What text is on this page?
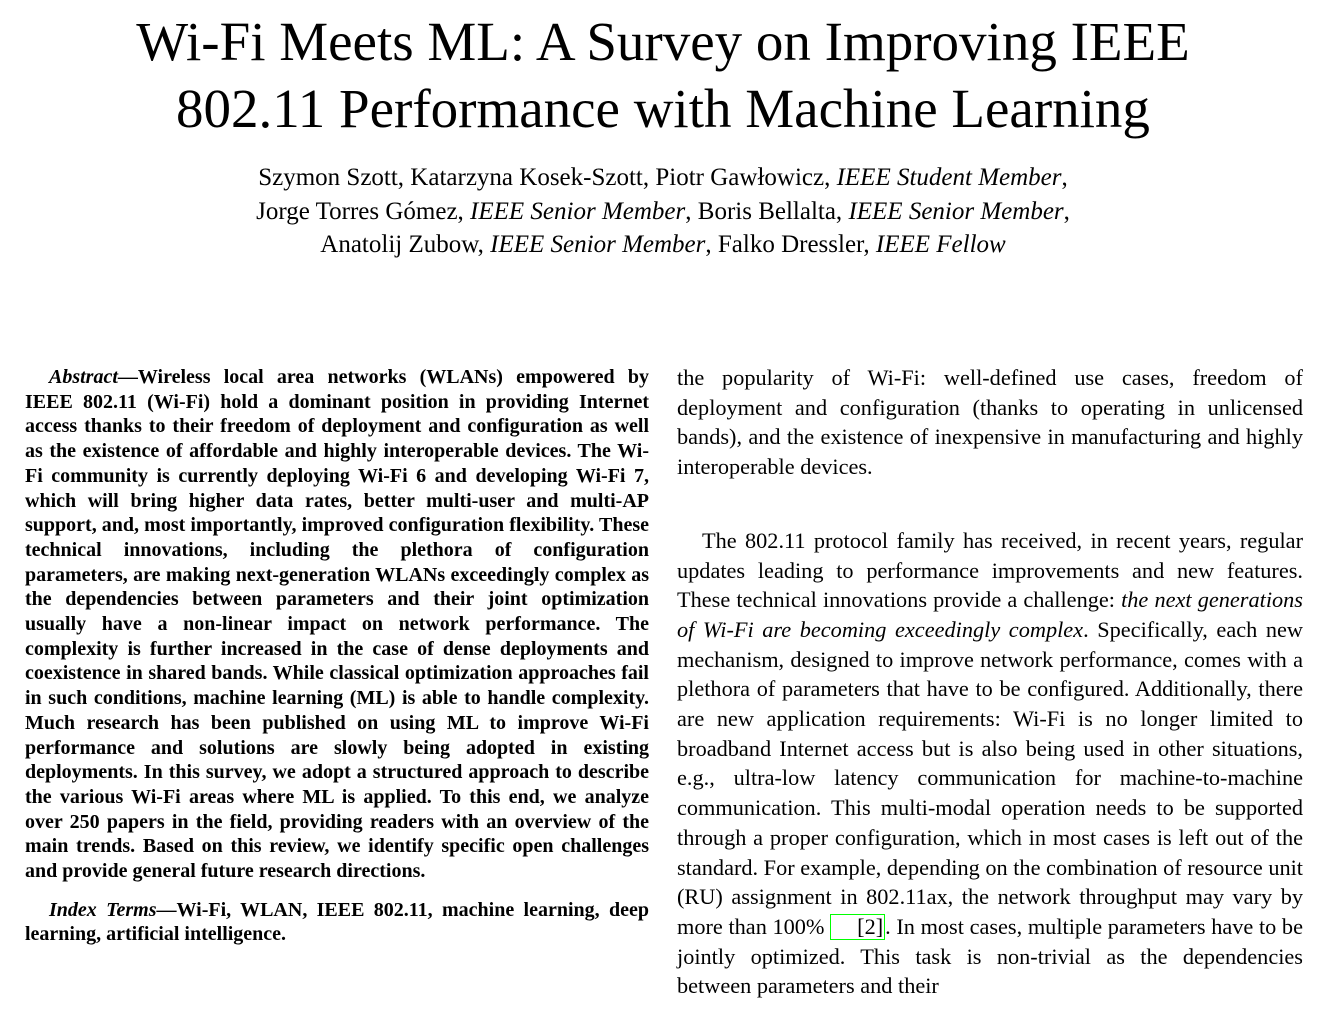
Wi-Fi Meets ML: A Survey on Improving IEEE
802.11 Performance with Machine Learning
Szymon Szott, Katarzyna Kosek-Szott, Piotr Gawłowicz, IEEE Student Member,
Jorge Torres Gómez, IEEE Senior Member, Boris Bellalta, IEEE Senior Member,
Anatolij Zubow, IEEE Senior Member, Falko Dressler, IEEE Fellow

Abstract—Wireless local area networks (WLANs) empowered by IEEE 802.11 (Wi-Fi) hold a dominant position in providing Internet access thanks to their freedom of deployment and configuration as well as the existence of affordable and highly interoperable devices. The Wi-Fi community is currently deploying Wi-Fi 6 and developing Wi-Fi 7, which will bring higher data rates, better multi-user and multi-AP support, and, most importantly, improved configuration flexibility. These technical innovations, including the plethora of configuration parameters, are making next-generation WLANs exceedingly complex as the dependencies between parameters and their joint optimization usually have a non-linear impact on network performance. The complexity is further increased in the case of dense deployments and coexistence in shared bands. While classical optimization approaches fail in such conditions, machine learning (ML) is able to handle complexity. Much research has been published on using ML to improve Wi-Fi performance and solutions are slowly being adopted in existing deployments. In this survey, we adopt a structured approach to describe the various Wi-Fi areas where ML is applied. To this end, we analyze over 250 papers in the field, providing readers with an overview of the main trends. Based on this review, we identify specific open challenges and provide general future research directions.

Index Terms—Wi-Fi, WLAN, IEEE 802.11, machine learning, deep learning, artificial intelligence.

the popularity of Wi-Fi: well-defined use cases, freedom of deployment and configuration (thanks to operating in unlicensed bands), and the existence of inexpensive in manufacturing and highly interoperable devices.

The 802.11 protocol family has received, in recent years, regular updates leading to performance improvements and new features. These technical innovations provide a challenge: the next generations of Wi-Fi are becoming exceedingly complex. Specifically, each new mechanism, designed to improve network performance, comes with a plethora of parameters that have to be configured. Additionally, there are new application requirements: Wi-Fi is no longer limited to broadband Internet access but is also being used in other situations, e.g., ultra-low latency communication for machine-to-machine communication. This multi-modal operation needs to be supported through a proper configuration, which in most cases is left out of the standard. For example, depending on the combination of resource unit (RU) assignment in 802.11ax, the network throughput may vary by more than 100% [2]. In most cases, multiple parameters have to be jointly optimized. This task is non-trivial as the dependencies between parameters and their
